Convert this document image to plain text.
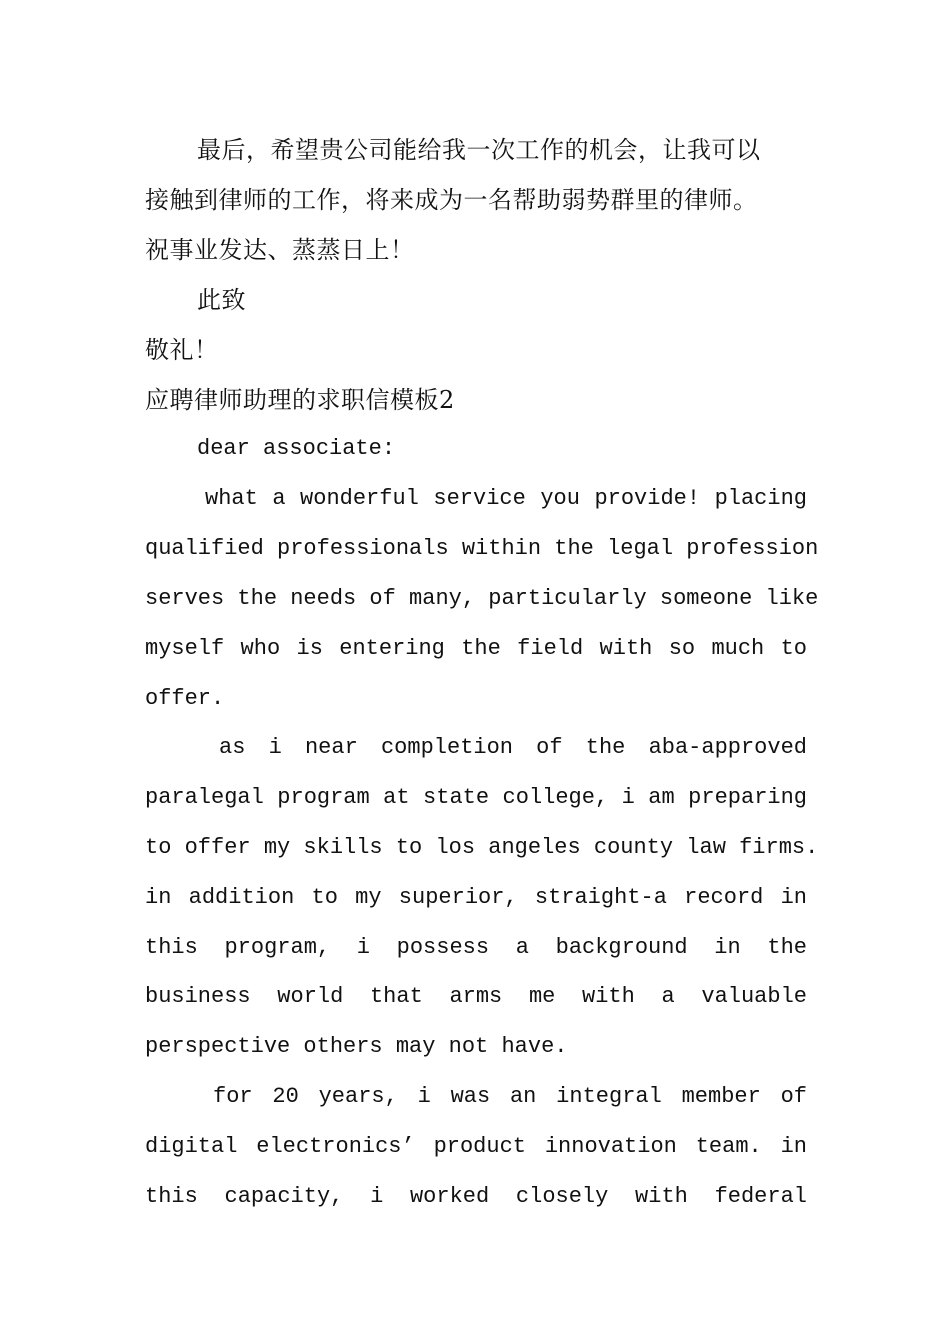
最后，希望贵公司能给我一次工作的机会，让我可以
接触到律师的工作，将来成为一名帮助弱势群里的律师。
祝事业发达、蒸蒸日上！
此致
敬礼！
应聘律师助理的求职信模板2
dear associate:
what a wonderful service you provide! placing
qualified professionals within the legal profession
serves the needs of many, particularly someone like
myself who is entering the field with so much to
offer.
as i near completion of the aba-approved
paralegal program at state college, i am preparing
to offer my skills to los angeles county law firms.
in addition to my superior, straight-a record in
this program, i possess a background in the
business world that arms me with a valuable
perspective others may not have.
for 20 years, i was an integral member of
digital electronics’ product innovation team. in
this capacity, i worked closely with federal
